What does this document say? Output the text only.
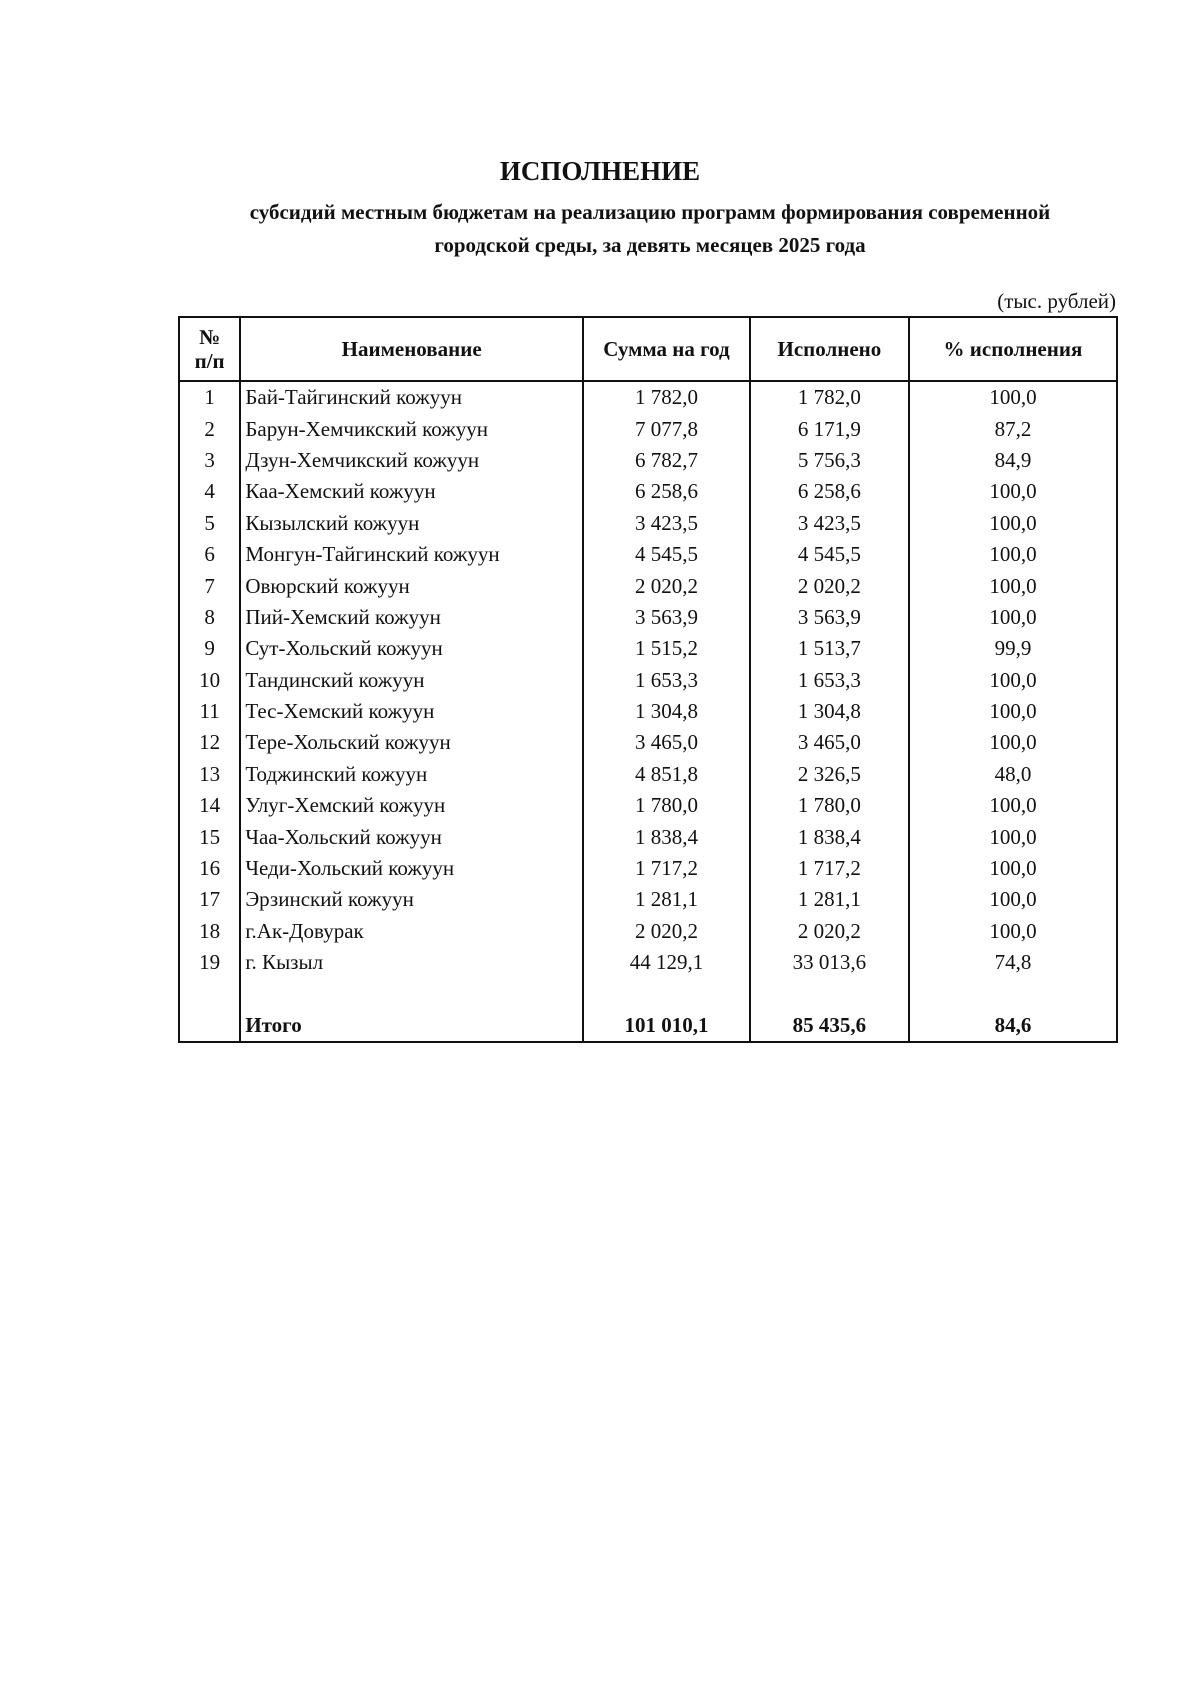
ИСПОЛНЕНИЕ
субсидий местным бюджетам на реализацию программ формирования современной
городской среды, за девять месяцев 2025 года
(тыс. рублей)
№
п/п	Наименование	Сумма на год	Исполнено	% исполнения
1	Бай-Тайгинский кожуун	1 782,0	1 782,0	100,0
2	Барун-Хемчикский кожуун	7 077,8	6 171,9	87,2
3	Дзун-Хемчикский кожуун	6 782,7	5 756,3	84,9
4	Каа-Хемский кожуун	6 258,6	6 258,6	100,0
5	Кызылский кожуун	3 423,5	3 423,5	100,0
6	Монгун-Тайгинский кожуун	4 545,5	4 545,5	100,0
7	Овюрский кожуун	2 020,2	2 020,2	100,0
8	Пий-Хемский кожуун	3 563,9	3 563,9	100,0
9	Сут-Хольский кожуун	1 515,2	1 513,7	99,9
10	Тандинский кожуун	1 653,3	1 653,3	100,0
11	Тес-Хемский кожуун	1 304,8	1 304,8	100,0
12	Тере-Хольский кожуун	3 465,0	3 465,0	100,0
13	Тоджинский кожуун	4 851,8	2 326,5	48,0
14	Улуг-Хемский кожуун	1 780,0	1 780,0	100,0
15	Чаа-Хольский кожуун	1 838,4	1 838,4	100,0
16	Чеди-Хольский кожуун	1 717,2	1 717,2	100,0
17	Эрзинский кожуун	1 281,1	1 281,1	100,0
18	г.Ак-Довурак	2 020,2	2 020,2	100,0
19	г. Кызыл	44 129,1	33 013,6	74,8

	Итого	101 010,1	85 435,6	84,6
